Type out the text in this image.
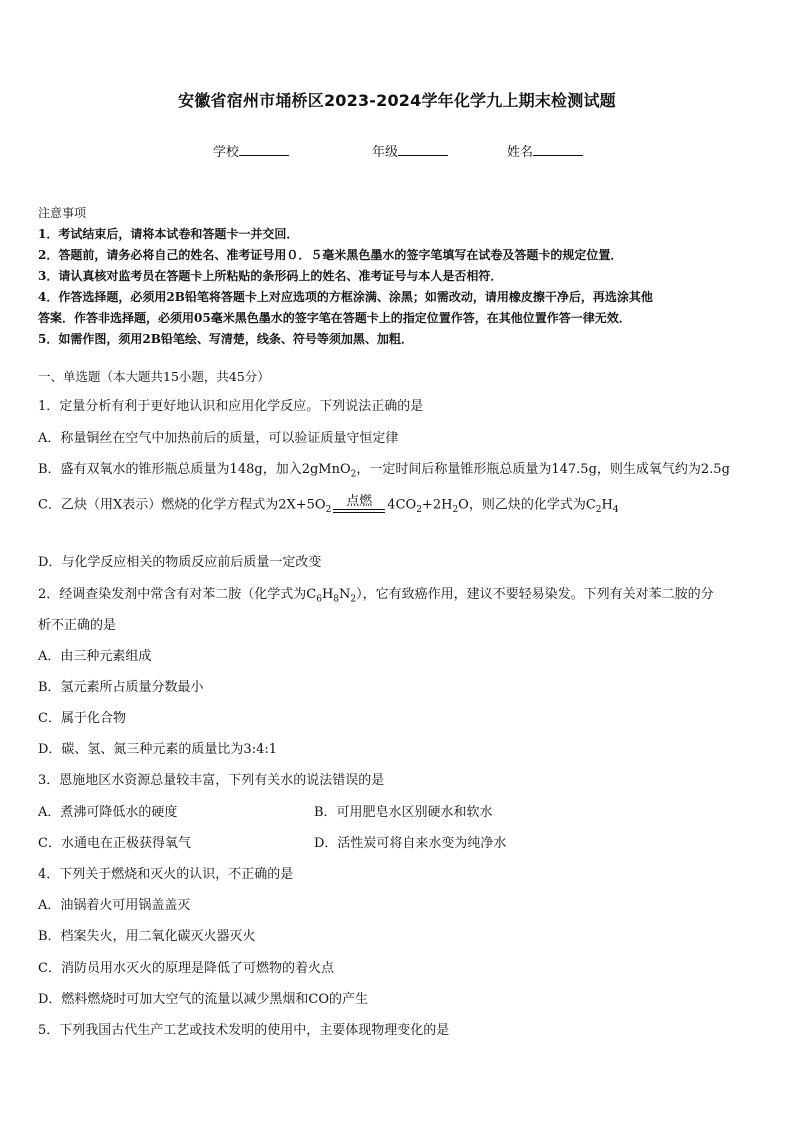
安徽省宿州市埇桥区2023-2024学年化学九上期末检测试题
学校	年级	姓名
注意事项
1．考试结束后，请将本试卷和答题卡一并交回．
2．答题前，请务必将自己的姓名、准考证号用０．５毫米黑色墨水的签字笔填写在试卷及答题卡的规定位置．
3．请认真核对监考员在答题卡上所粘贴的条形码上的姓名、准考证号与本人是否相符．
4．作答选择题，必须用2B铅笔将答题卡上对应选项的方框涂满、涂黑；如需改动，请用橡皮擦干净后，再选涂其他
答案．作答非选择题，必须用05毫米黑色墨水的签字笔在答题卡上的指定位置作答，在其他位置作答一律无效．
5．如需作图，须用2B铅笔绘、写清楚，线条、符号等须加黑、加粗．
一、单选题（本大题共15小题，共45分）
1．定量分析有利于更好地认识和应用化学反应。下列说法正确的是
A．称量铜丝在空气中加热前后的质量，可以验证质量守恒定律
B．盛有双氧水的锥形瓶总质量为148g，加入2gMnO$_2$，一定时间后称量锥形瓶总质量为147.5g，则生成氧气约为2.5g
C．乙炔（用X表示）燃烧的化学方程式为$2X+5O_2$
点燃	$4CO_2+2H_2O$，则乙炔的化学式为$C_2H_4$
D．与化学反应相关的物质反应前后质量一定改变
2．经调查染发剂中常含有对苯二胺（化学式为$C_6H_8N_2$），它有致癌作用，建议不要轻易染发。下列有关对苯二胺的分
析不正确的是
A．由三种元素组成
B．氢元素所占质量分数最小
C．属于化合物
D．碳、氢、氮三种元素的质量比为3:4:1
3．恩施地区水资源总量较丰富，下列有关水的说法错误的是
A．煮沸可降低水的硬度	B．可用肥皂水区别硬水和软水
C．水通电在正极获得氧气	D．活性炭可将自来水变为纯净水
4．下列关于燃烧和灭火的认识，不正确的是
A．油锅着火可用锅盖盖灭
B．档案失火，用二氧化碳灭火器灭火
C．消防员用水灭火的原理是降低了可燃物的着火点
D．燃料燃烧时可加大空气的流量以减少黑烟和CO的产生
5．下列我国古代生产工艺或技术发明的使用中，主要体现物理变化的是
